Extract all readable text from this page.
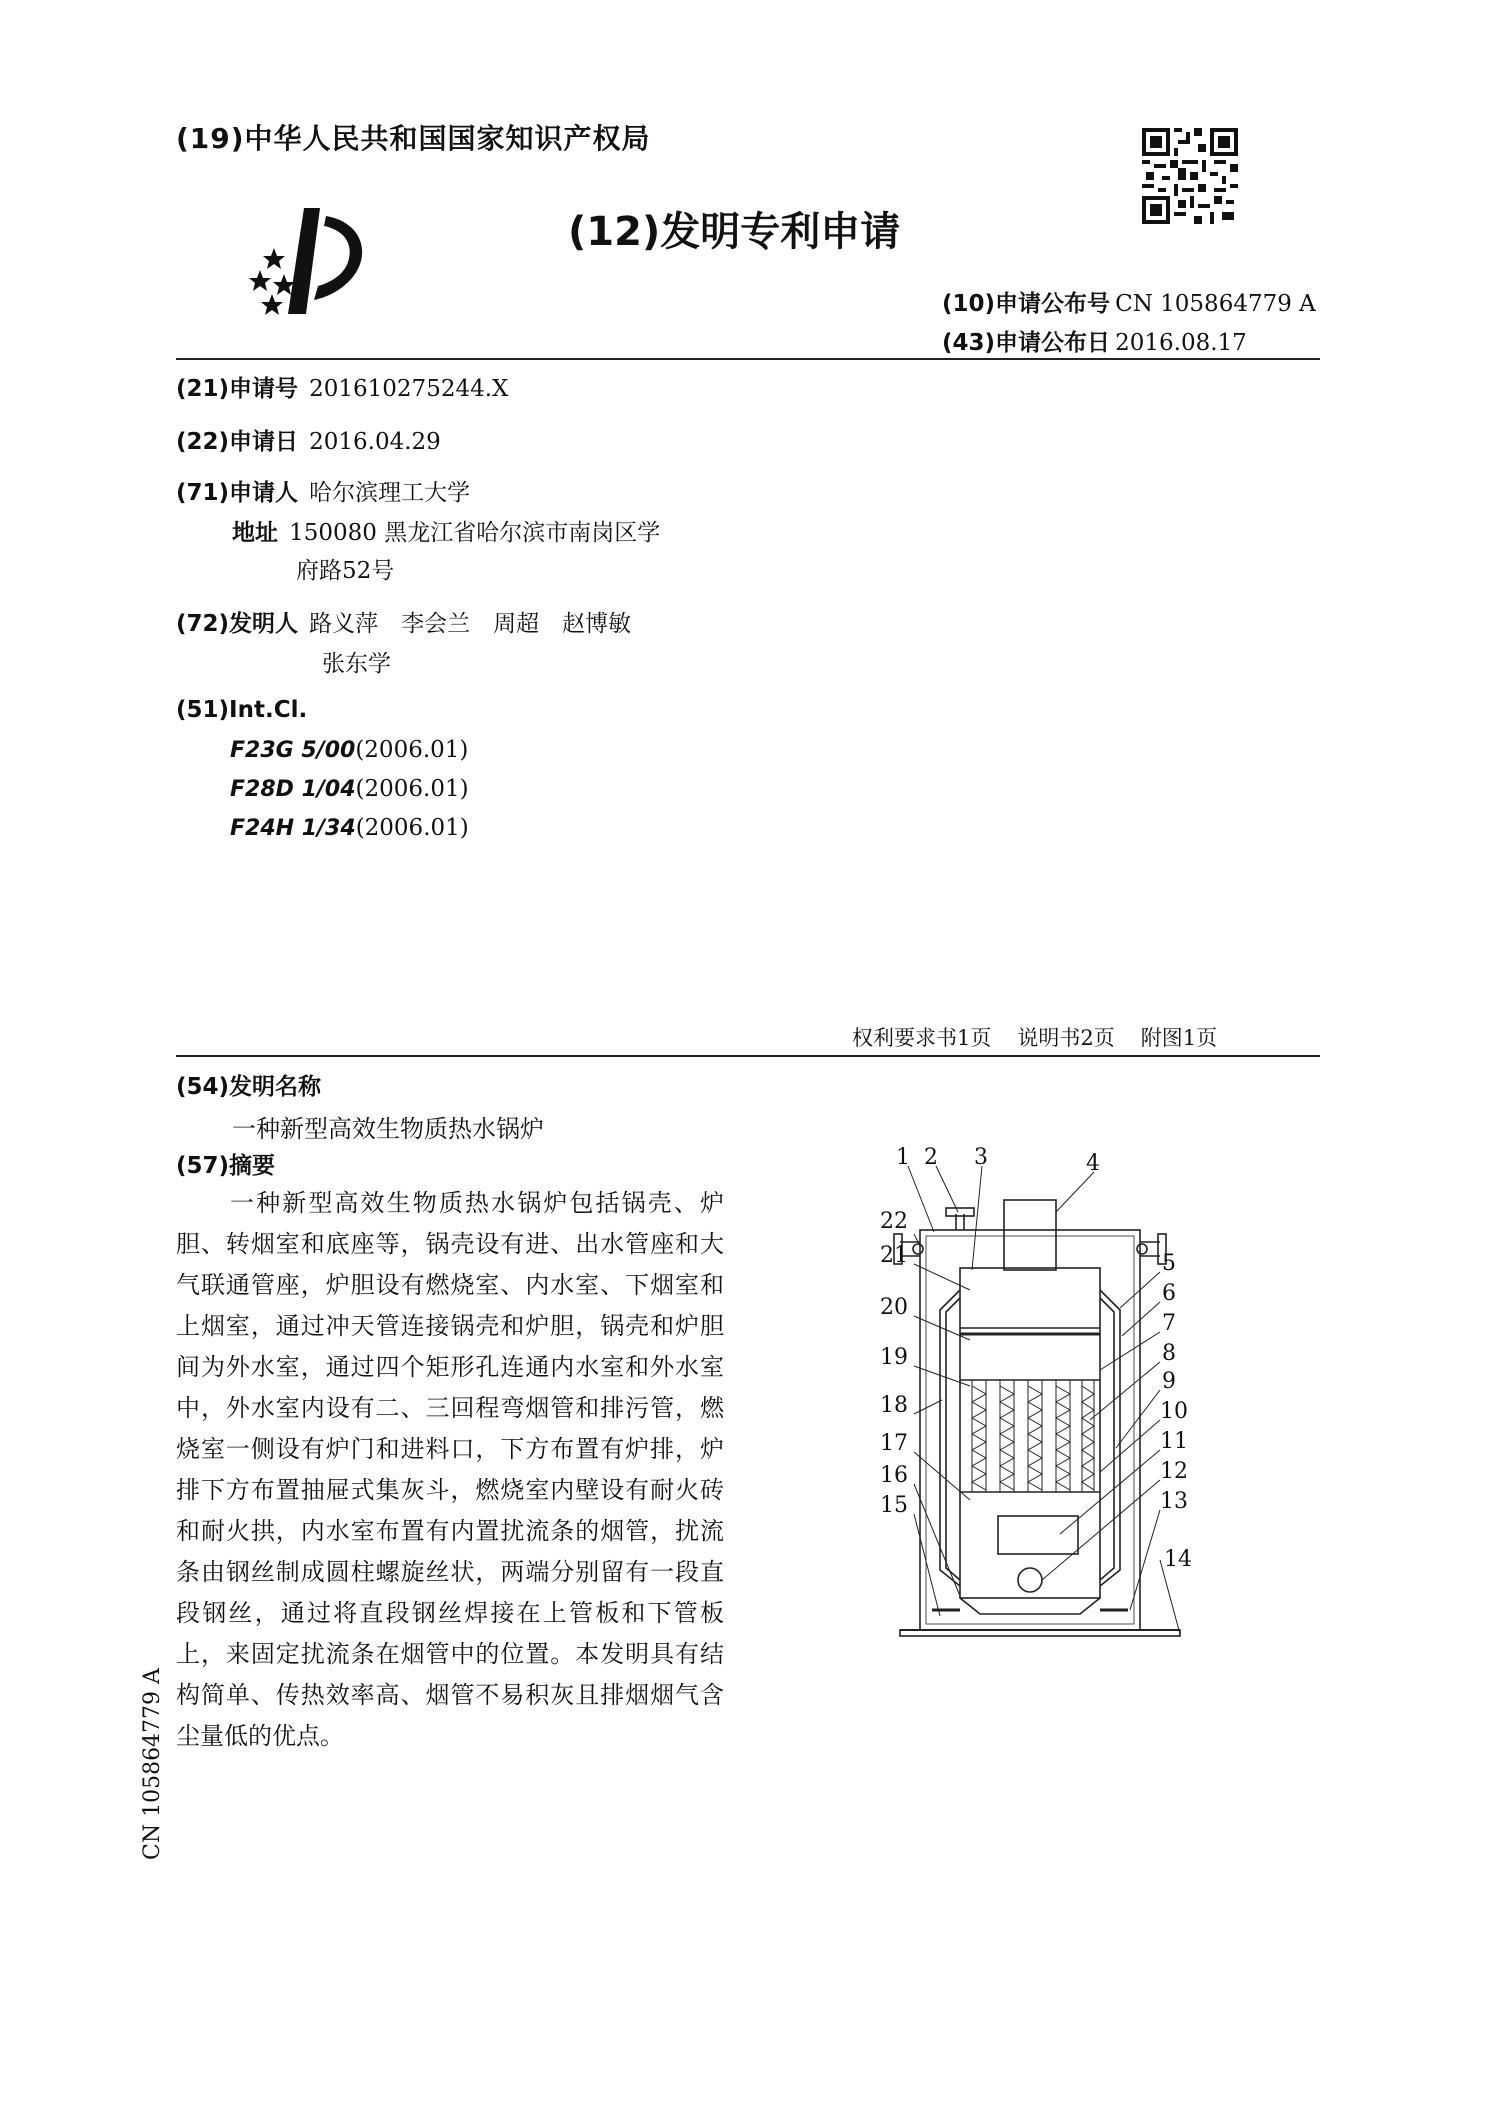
(19)中华人民共和国国家知识产权局
(12)发明专利申请
(10)申请公布号 CN 105864779 A
(43)申请公布日 2016.08.17
(21)申请号 201610275244.X
(22)申请日 2016.04.29
(71)申请人 哈尔滨理工大学
地址 150080 黑龙江省哈尔滨市南岗区学
府路52号
(72)发明人 路义萍　李会兰　周超　赵博敏
张东学
(51)Int.Cl.
F23G 5/00(2006.01)
F28D 1/04(2006.01)
F24H 1/34(2006.01)
权利要求书1页 说明书2页 附图1页
(54)发明名称
一种新型高效生物质热水锅炉
(57)摘要
一种新型高效生物质热水锅炉包括锅壳、炉胆、转烟室和底座等，锅壳设有进、出水管座和大气联通管座，炉胆设有燃烧室、内水室、下烟室和上烟室，通过冲天管连接锅壳和炉胆，锅壳和炉胆间为外水室，通过四个矩形孔连通内水室和外水室中，外水室内设有二、三回程弯烟管和排污管，燃烧室一侧设有炉门和进料口，下方布置有炉排，炉排下方布置抽屉式集灰斗，燃烧室内壁设有耐火砖和耐火拱，内水室布置有内置扰流条的烟管，扰流条由钢丝制成圆柱螺旋丝状，两端分别留有一段直段钢丝，通过将直段钢丝焊接在上管板和下管板上，来固定扰流条在烟管中的位置。本发明具有结构简单、传热效率高、烟管不易积灰且排烟烟气含尘量低的优点。
CN 105864779 A
1 2 3	4
5
6
7
8
9
10
11
12
13
14
15
16
17
18
19
20
21
22
